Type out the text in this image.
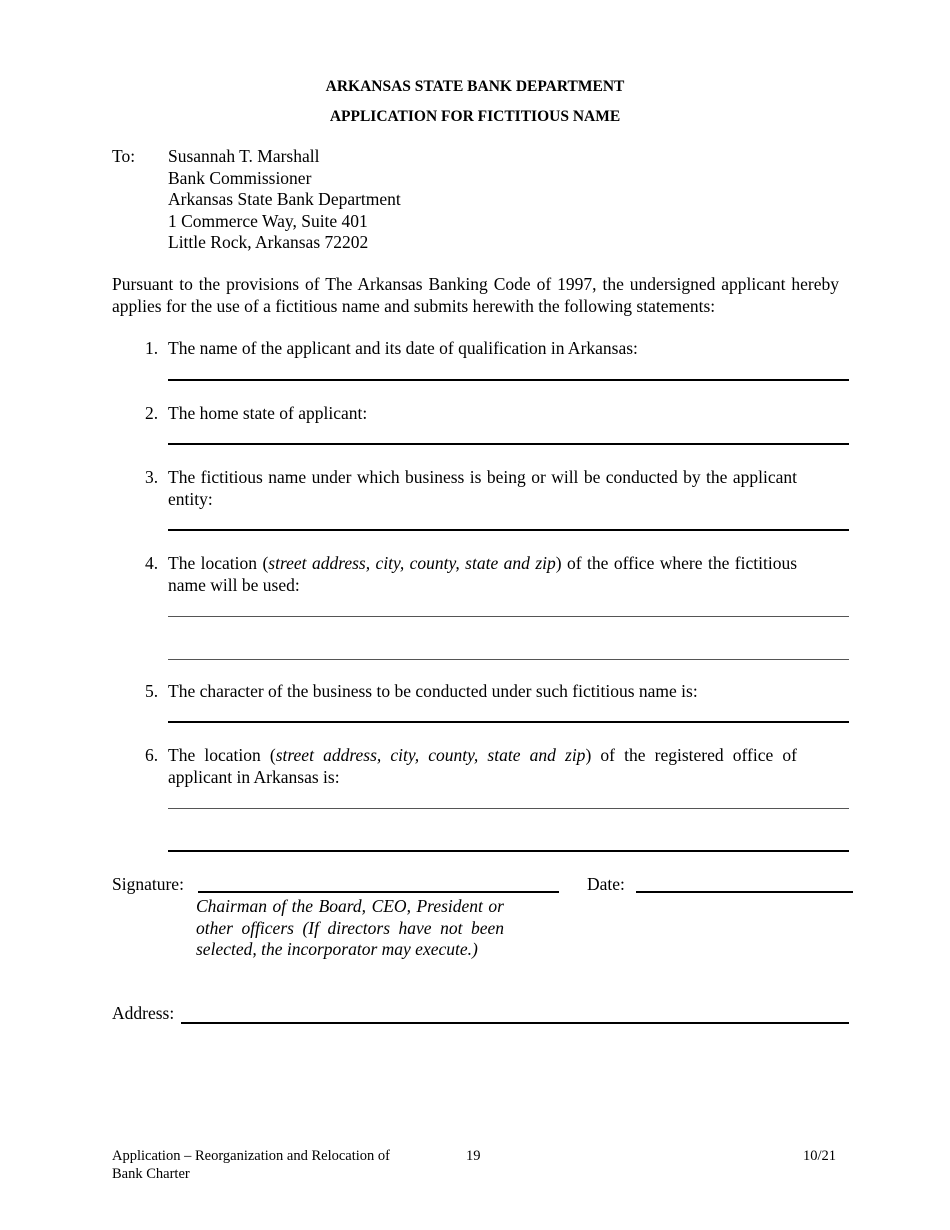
ARKANSAS STATE BANK DEPARTMENT
APPLICATION FOR FICTITIOUS NAME
To: Susannah T. Marshall
Bank Commissioner
Arkansas State Bank Department
1 Commerce Way, Suite 401
Little Rock, Arkansas 72202
Pursuant to the provisions of The Arkansas Banking Code of 1997, the undersigned applicant hereby applies for the use of a fictitious name and submits herewith the following statements:
1. The name of the applicant and its date of qualification in Arkansas:
2. The home state of applicant:
3. The fictitious name under which business is being or will be conducted by the applicant entity:
4. The location (street address, city, county, state and zip) of the office where the fictitious name will be used:
5. The character of the business to be conducted under such fictitious name is:
6. The location (street address, city, county, state and zip) of the registered office of applicant in Arkansas is:
Signature:	Date:
Chairman of the Board, CEO, President or other officers (If directors have not been selected, the incorporator may execute.)
Address:
Application – Reorganization and Relocation of Bank Charter
19	10/21
